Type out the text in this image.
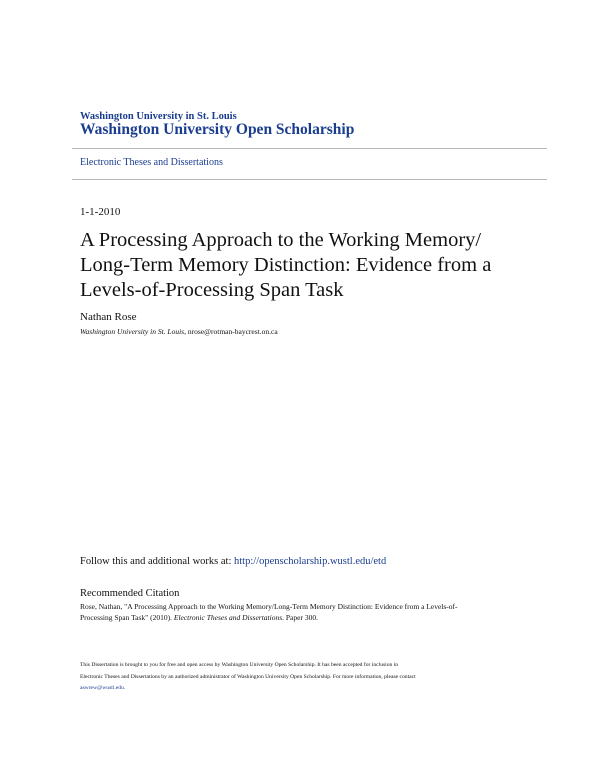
Washington University in St. Louis
Washington University Open Scholarship
Electronic Theses and Dissertations
1-1-2010
A Processing Approach to the Working Memory/
Long-Term Memory Distinction: Evidence from a
Levels-of-Processing Span Task
Nathan Rose
Washington University in St. Louis, nrose@rotman-baycrest.on.ca
Follow this and additional works at: http://openscholarship.wustl.edu/etd
Recommended Citation
Rose, Nathan, "A Processing Approach to the Working Memory/Long-Term Memory Distinction: Evidence from a Levels-of-
Processing Span Task" (2010). Electronic Theses and Dissertations. Paper 300.
This Dissertation is brought to you for free and open access by Washington University Open Scholarship. It has been accepted for inclusion in
Electronic Theses and Dissertations by an authorized administrator of Washington University Open Scholarship. For more information, please contact
aswrew@wustl.edu.
